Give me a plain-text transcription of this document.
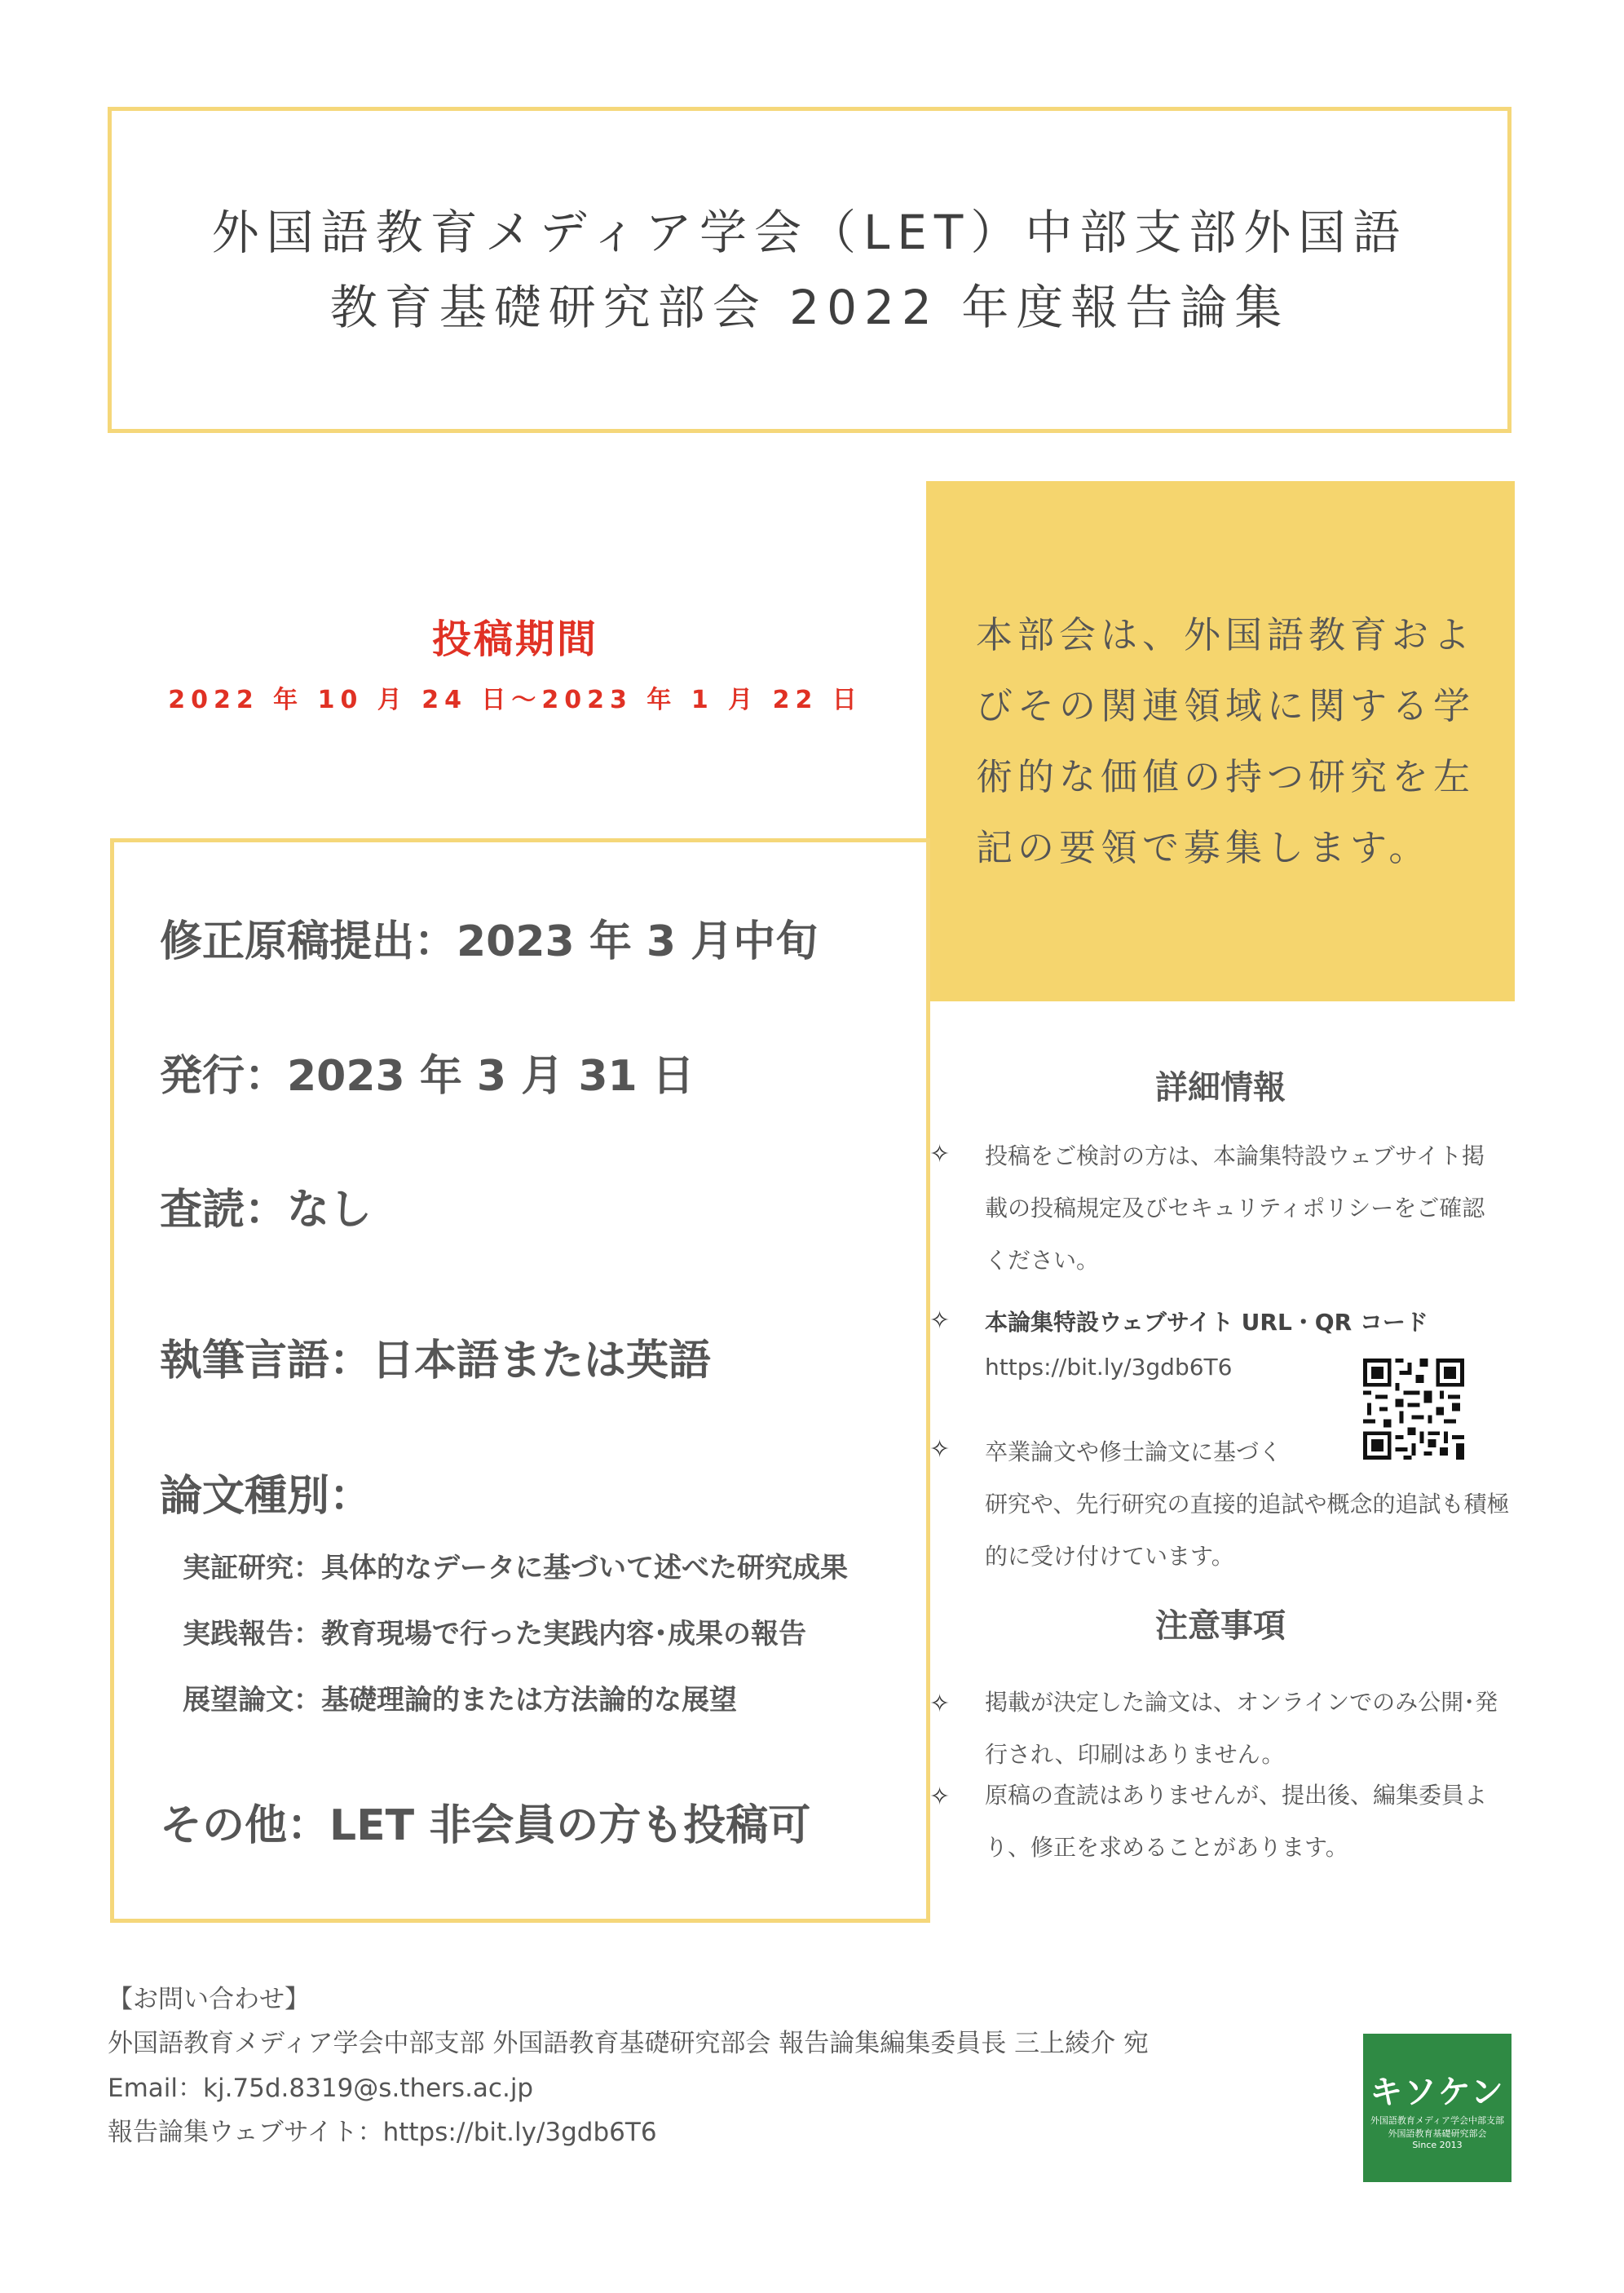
外国語教育メディア学会（LET）中部支部外国語
教育基礎研究部会 2022 年度報告論集
本部会は、外国語教育およびその関連領域に関する学術的な価値の持つ研究を左記の要領で募集します。
投稿期間
2022 年 10 月 24 日～2023 年 1 月 22 日
修正原稿提出：2023 年 3 月中旬
発行：2023 年 3 月 31 日
査読：なし
執筆言語：日本語または英語
論文種別：
実証研究：具体的なデータに基づいて述べた研究成果
実践報告：教育現場で行った実践内容･成果の報告
展望論文：基礎理論的または方法論的な展望
その他：LET 非会員の方も投稿可
詳細情報
✧ 投稿をご検討の方は、本論集特設ウェブサイト掲載の投稿規定及びセキュリティポリシーをご確認ください。
✧ 本論集特設ウェブサイト URL・QR コード
https://bit.ly/3gdb6T6
✧ 卒業論文や修士論文に基づく
研究や、先行研究の直接的追試や概念的追試も積極的に受け付けています。
注意事項
✧ 掲載が決定した論文は、オンラインでのみ公開･発行され、印刷はありません。
✧ 原稿の査読はありませんが、提出後、編集委員より、修正を求めることがあります。
【お問い合わせ】
外国語教育メディア学会中部支部 外国語教育基礎研究部会 報告論集編集委員長 三上綾介 宛
Email：kj.75d.8319@s.thers.ac.jp
報告論集ウェブサイト：https://bit.ly/3gdb6T6
キソケン
外国語教育メディア学会中部支部
外国語教育基礎研究部会
Since 2013
